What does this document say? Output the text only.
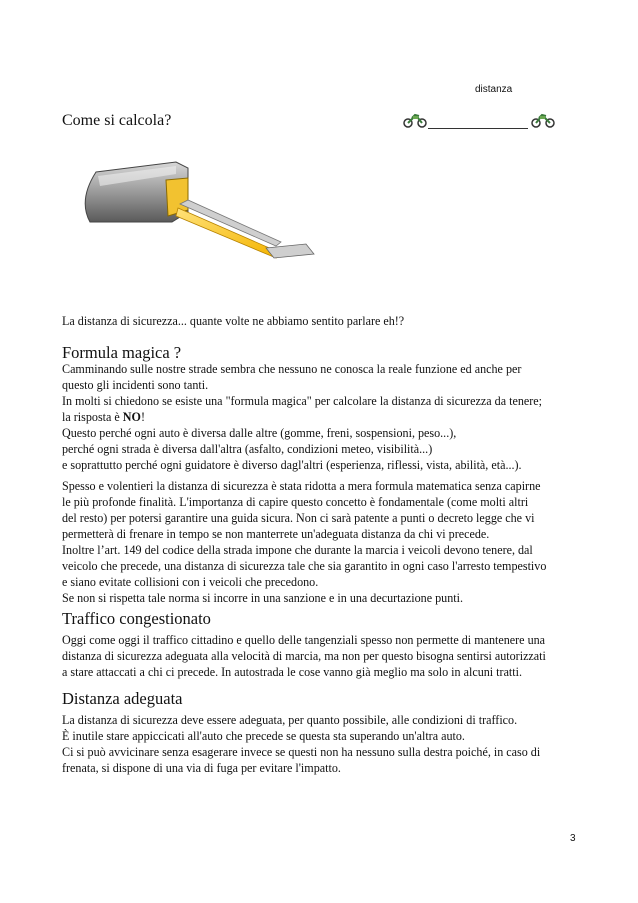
distanza
Come si calcola?

La distanza di sicurezza... quante volte ne abbiamo sentito parlare eh!?

Formula magica ?

Camminando sulle nostre strade sembra che nessuno ne conosca la reale funzione ed anche per

questo gli incidenti sono tanti.

In molti si chiedono se esiste una "formula magica" per calcolare la distanza di sicurezza da tenere;

la risposta è NO!

Questo perché ogni auto è diversa dalle altre (gomme, freni, sospensioni, peso...),

perché ogni strada è diversa dall'altra (asfalto, condizioni meteo, visibilità...)

e soprattutto perché ogni guidatore è diverso dagl'altri (esperienza, riflessi, vista, abilità, età...).

Spesso e volentieri la distanza di sicurezza è stata ridotta a mera formula matematica senza capirne

le più profonde finalità. L'importanza di capire questo concetto è fondamentale (come molti altri

del resto) per potersi garantire una guida sicura. Non ci sarà patente a punti o decreto legge che vi

permetterà di frenare in tempo se non manterrete un'adeguata distanza da chi vi precede.

Inoltre l’art. 149 del codice della strada impone che durante la marcia i veicoli devono tenere, dal

veicolo che precede, una distanza di sicurezza tale che sia garantito in ogni caso l'arresto tempestivo

e siano evitate collisioni con i veicoli che precedono.

Se non si rispetta tale norma si incorre in una sanzione e in una decurtazione punti.

Traffico congestionato

Oggi come oggi il traffico cittadino e quello delle tangenziali spesso non permette di mantenere una

distanza di sicurezza adeguata alla velocità di marcia, ma non per questo bisogna sentirsi autorizzati

a stare attaccati a chi ci precede. In autostrada le cose vanno già meglio ma solo in alcuni tratti.

Distanza adeguata

La distanza di sicurezza deve essere adeguata, per quanto possibile, alle condizioni di traffico.

È inutile stare appiccicati all'auto che precede se questa sta superando un'altra auto.

Ci si può avvicinare senza esagerare invece se questi non ha nessuno sulla destra poiché, in caso di

frenata, si dispone di una via di fuga per evitare l'impatto.

3
